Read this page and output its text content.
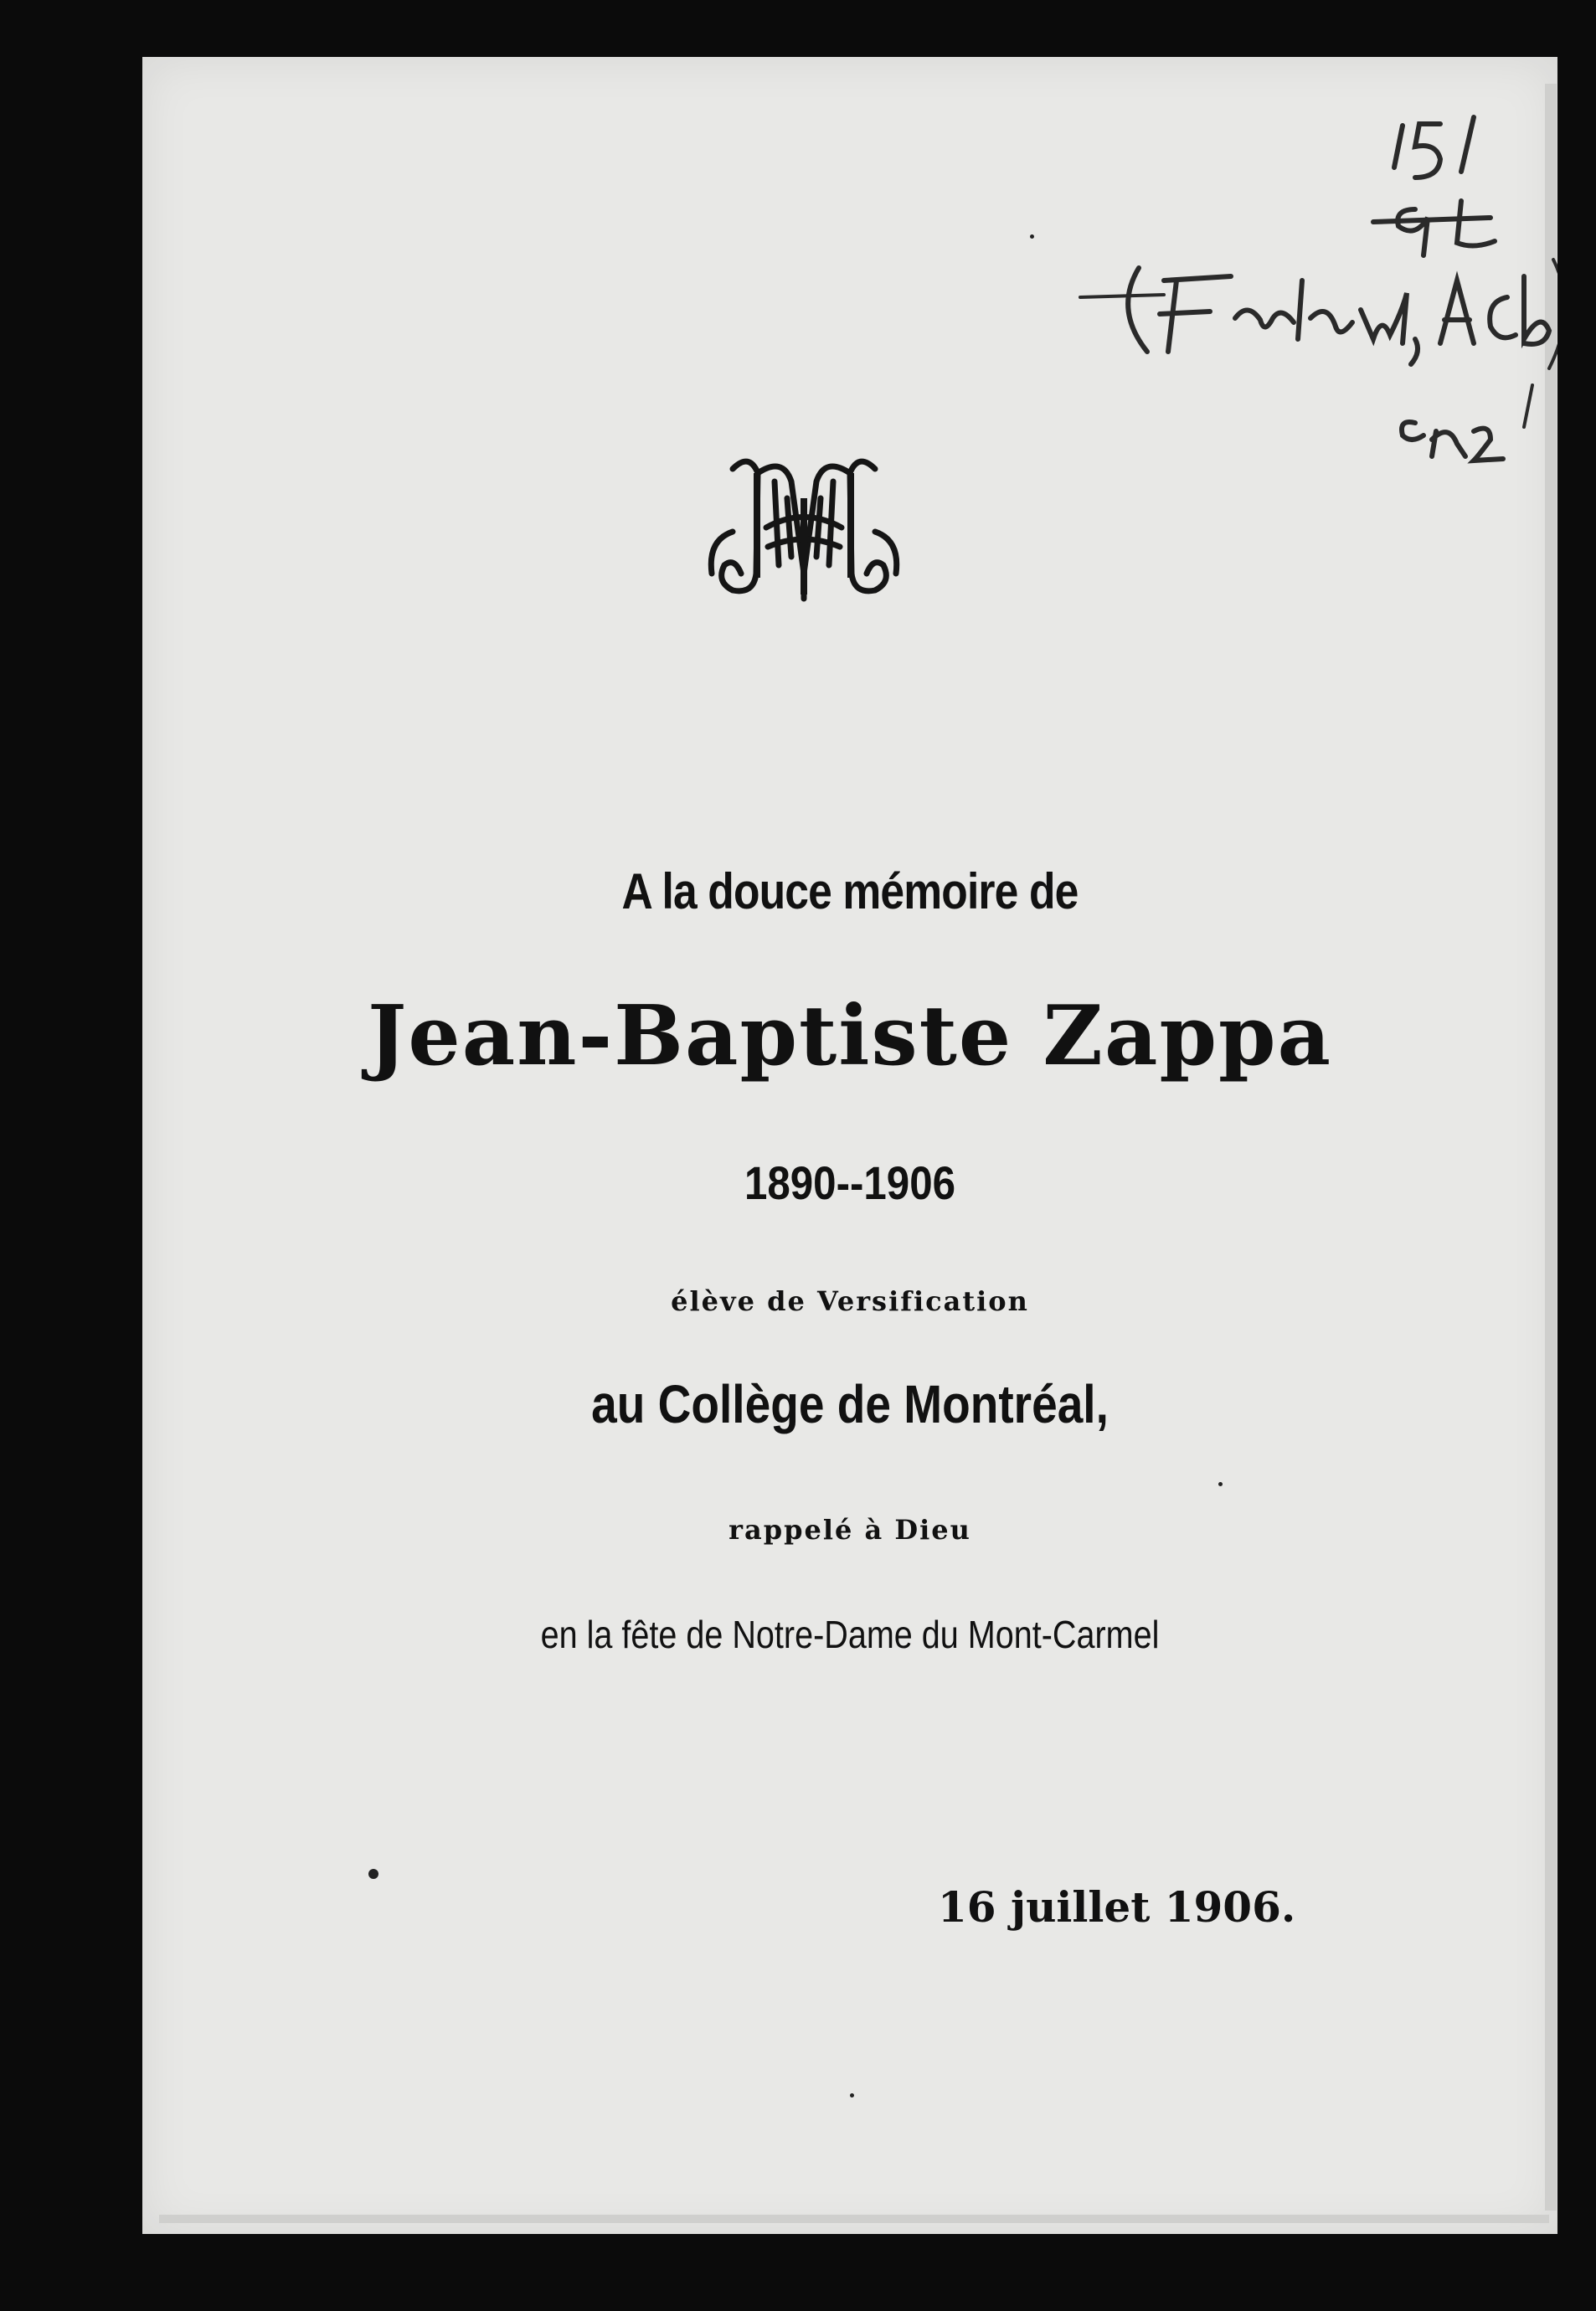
A la douce mémoire de
Jean-Baptiste Zappa
1890--1906
élève de Versification
au Collège de Montréal,
rappelé à Dieu
en la fête de Notre-Dame du Mont-Carmel
16 juillet 1906.
